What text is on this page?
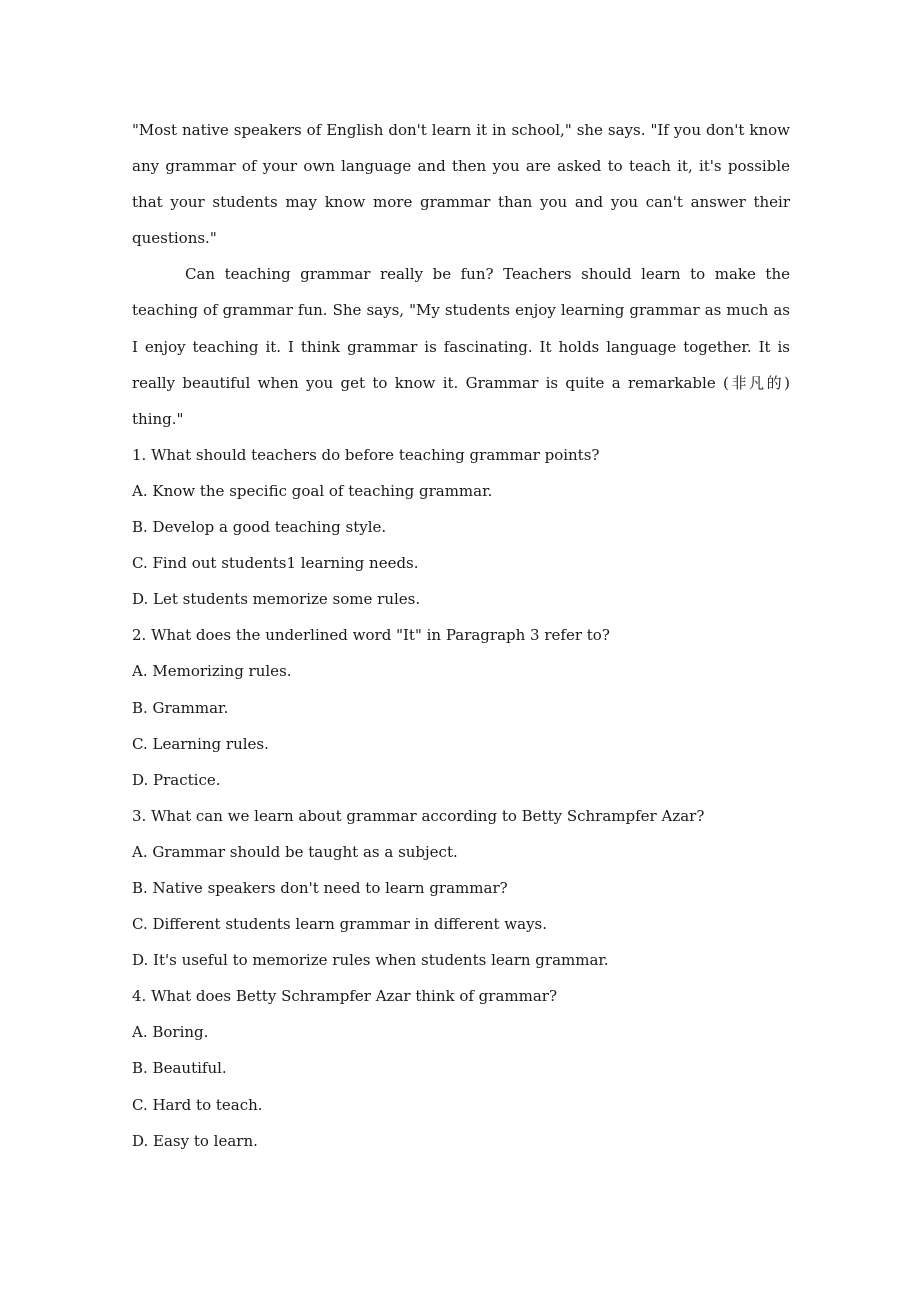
"Most native speakers of English don't learn it in school," she says. "If you don't know any grammar of your own language and then you are asked to teach it, it's possible that your students may know more grammar than you and you can't answer their questions."

Can teaching grammar really be fun? Teachers should learn to make the teaching of grammar fun. She says, "My students enjoy learning grammar as much as I enjoy teaching it. I think grammar is fascinating. It holds language together. It is really beautiful when you get to know it. Grammar is quite a remarkable (非凡的) thing."

1. What should teachers do before teaching grammar points?

A. Know the specific goal of teaching grammar.

B. Develop a good teaching style.

C. Find out students1 learning needs.

D. Let students memorize some rules.

2. What does the underlined word "It" in Paragraph 3 refer to?

A. Memorizing rules.

B. Grammar.

C. Learning rules.

D. Practice.

3. What can we learn about grammar according to Betty Schrampfer Azar?

A. Grammar should be taught as a subject.

B. Native speakers don't need to learn grammar?

C. Different students learn grammar in different ways.

D. It's useful to memorize rules when students learn grammar.

4. What does Betty Schrampfer Azar think of grammar?

A. Boring.

B. Beautiful.

C. Hard to teach.

D. Easy to learn.
